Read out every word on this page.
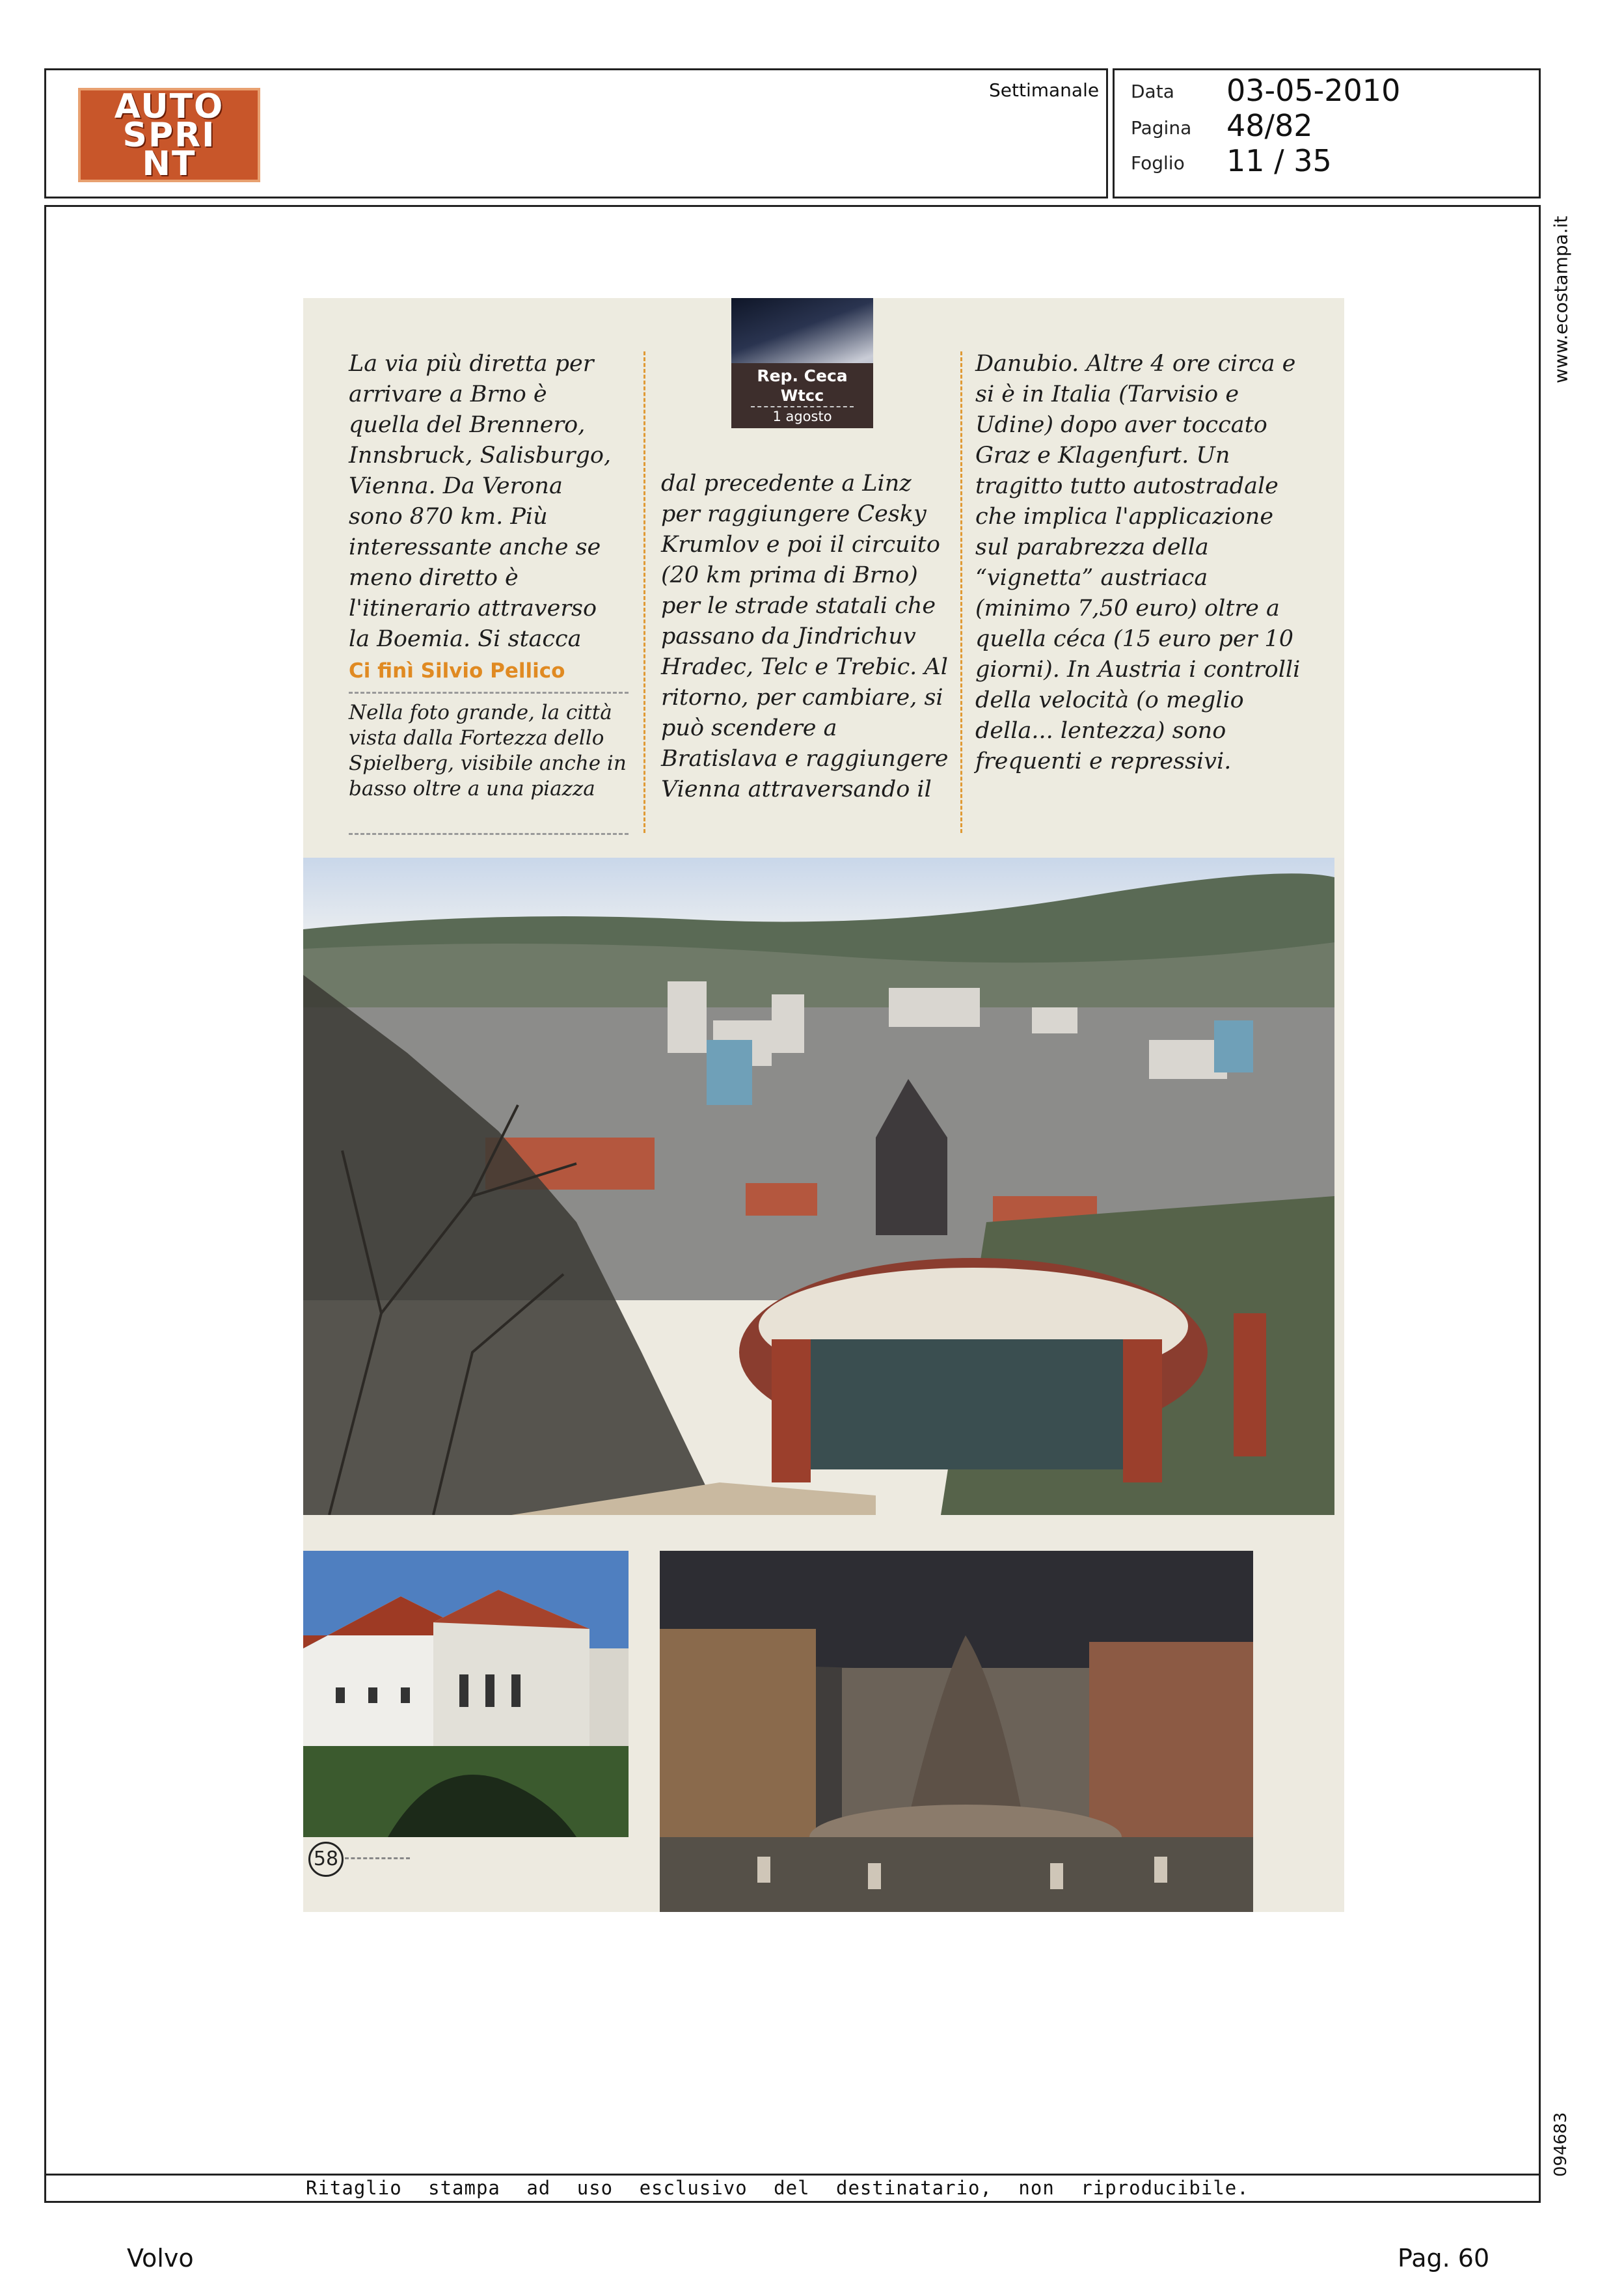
AUTO
SPRI
NT
Settimanale Data 03-05-2010
Pagina 48/82
Foglio 11 / 35
www.ecostampa.it
094683
Rep. Ceca
Wtcc
1 agosto
La via più diretta per arrivare a Brno è quella del Brennero, Innsbruck, Salisburgo, Vienna. Da Verona sono 870 km. Più interessante anche se meno diretto è l'itinerario attraverso la Boemia. Si stacca
dal precedente a Linz per raggiungere Cesky Krumlov e poi il circuito (20 km prima di Brno) per le strade statali che passano da Jindrichuv Hradec, Telc e Trebic. Al ritorno, per cambiare, si può scendere a Bratislava e raggiungere Vienna attraversando il
Danubio. Altre 4 ore circa e si è in Italia (Tarvisio e Udine) dopo aver toccato Graz e Klagenfurt. Un tragitto tutto autostradale che implica l'applicazione sul parabrezza della “vignetta” austriaca (minimo 7,50 euro) oltre a quella céca (15 euro per 10 giorni). In Austria i controlli della velocità (o meglio della... lentezza) sono frequenti e repressivi.
Ci finì Silvio Pellico
Nella foto grande, la città vista dalla Fortezza dello Spielberg, visibile anche in basso oltre a una piazza
58
Ritaglio stampa ad uso esclusivo del destinatario, non riproducibile.
Volvo	Pag. 60
